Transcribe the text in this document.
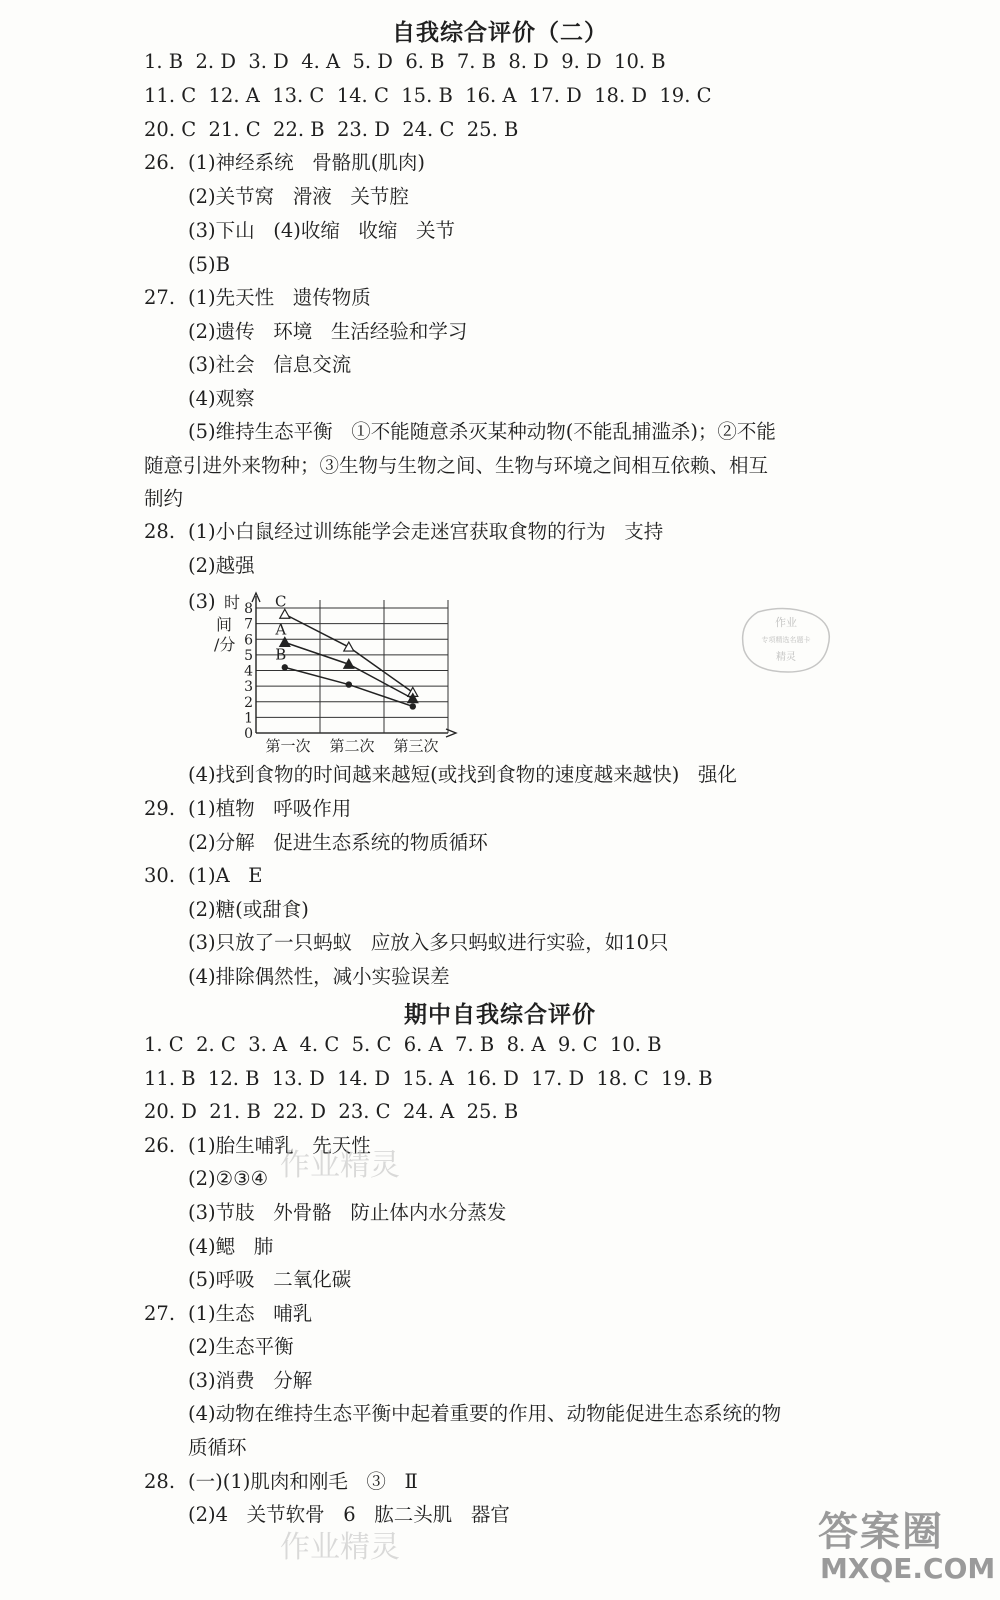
自我综合评价（二）
1. B  2. D  3. D  4. A  5. D  6. B  7. B  8. D  9. D  10. B
11. C  12. A  13. C  14. C  15. B  16. A  17. D  18. D  19. C
20. C  21. C  22. B  23. D  24. C  25. B
26. (1)神经系统   骨骼肌(肌肉)
(2)关节窝   滑液   关节腔
(3)下山   (4)收缩   收缩   关节
(5)B
27. (1)先天性   遗传物质
(2)遗传   环境   生活经验和学习
(3)社会   信息交流
(4)观察
(5)维持生态平衡   ①不能随意杀灭某种动物(不能乱捕滥杀)；②不能
随意引进外来物种；③生物与生物之间、生物与环境之间相互依赖、相互
制约
28. (1)小白鼠经过训练能学会走迷宫获取食物的行为   支持
(2)越强
(3)
0
1
2
3
4
5
6
7
8
时
间
/分
第一次 第二次 第三次
C
A
B
(4)找到食物的时间越来越短(或找到食物的速度越来越快)   强化
29. (1)植物   呼吸作用
(2)分解   促进生态系统的物质循环
30. (1)A   E
(2)糖(或甜食)
(3)只放了一只蚂蚁   应放入多只蚂蚁进行实验，如10只
(4)排除偶然性，减小实验误差
期中自我综合评价
1. C  2. C  3. A  4. C  5. C  6. A  7. B  8. A  9. C  10. B
11. B  12. B  13. D  14. D  15. A  16. D  17. D  18. C  19. B
20. D  21. B  22. D  23. C  24. A  25. B
26. (1)胎生哺乳   先天性
(2)②③④
(3)节肢   外骨骼   防止体内水分蒸发
(4)鳃   肺
(5)呼吸   二氧化碳
27. (1)生态   哺乳
(2)生态平衡
(3)消费   分解
(4)动物在维持生态平衡中起着重要的作用、动物能促进生态系统的物
质循环
28. (一)(1)肌肉和刚毛   ③   Ⅱ
(2)4   关节软骨   6   肱二头肌   器官
作业
专项精选名题卡
精灵
作业精灵
作业精灵	答案圈
MXQE.COM
